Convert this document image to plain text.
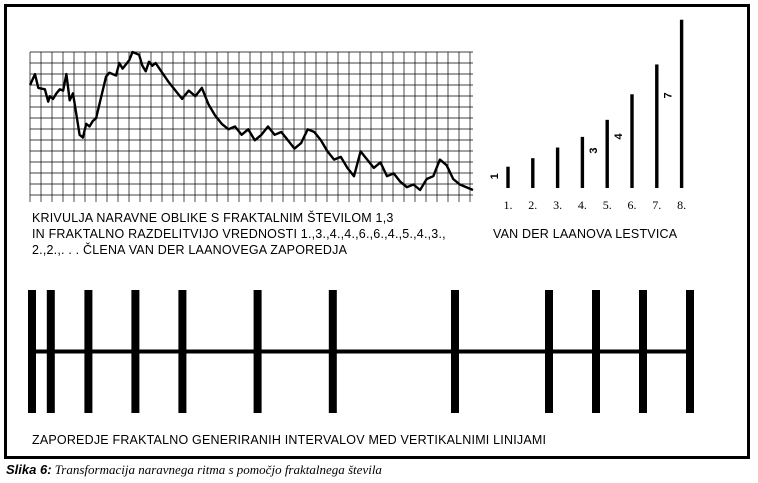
1.
1
2. 3. 4. 5.
3
6.
4
7. 8.
7
KRIVULJA NARAVNE OBLIKE S FRAKTALNIM ŠTEVILOM 1,3
IN FRAKTALNO RAZDELITVIJO VREDNOSTI 1.,3.,4.,4.,6.,6.,4.,5.,4.,3.,
2.,2.,. . . ČLENA VAN DER LAANOVEGA ZAPOREDJA
VAN DER LAANOVA LESTVICA
ZAPOREDJE FRAKTALNO GENERIRANIH INTERVALOV MED VERTIKALNIMI LINIJAMI
Slika 6: Transformacija naravnega ritma s pomočjo fraktalnega števila
